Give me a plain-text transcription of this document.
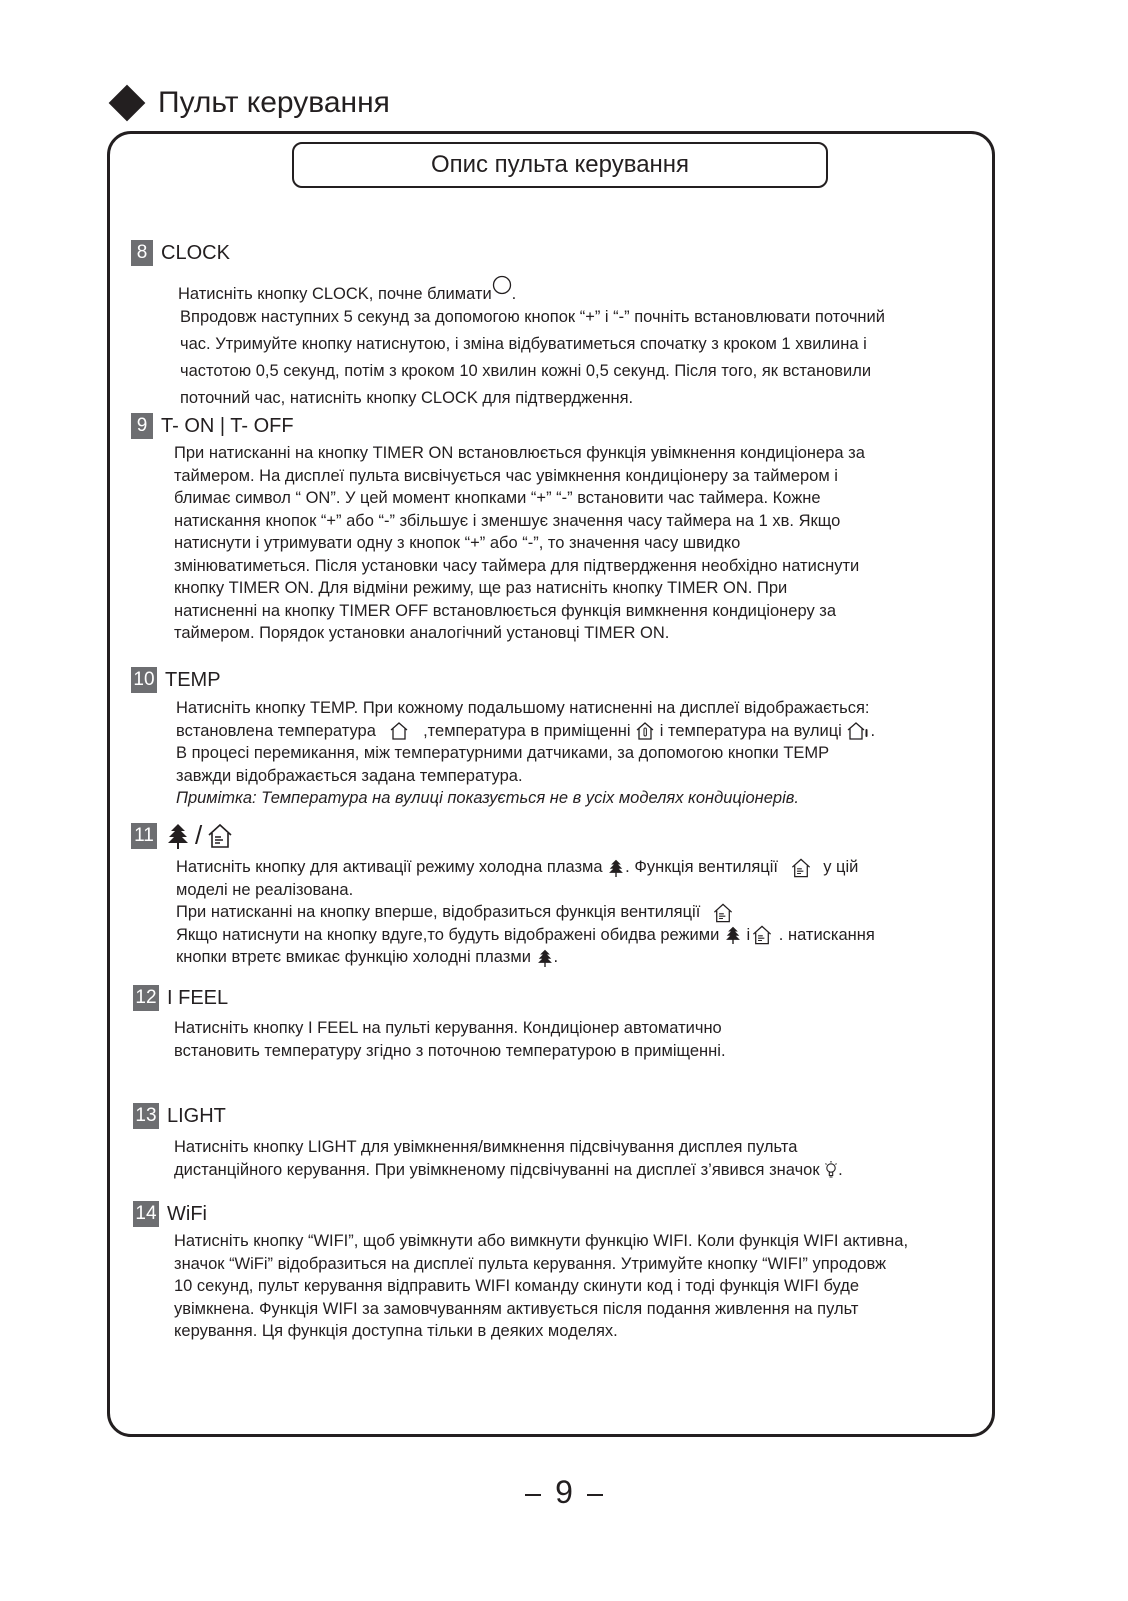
Пульт керування
Опис пульта керування
8 CLOCK
Натисніть кнопку CLOCK, почне блимати .
Впродовж наступних 5 секунд за допомогою кнопок “+” і “-” почніть встановлювати поточний
час. Утримуйте кнопку натиснутою, і зміна відбуватиметься спочатку з кроком 1 хвилина і
частотою 0,5 секунд, потім з кроком 10 хвилин кожні 0,5 секунд. Після того, як встановили
поточний час, натисніть кнопку CLOCK для підтвердження.
9 T- ON | T- OFF
При натисканні на кнопку TIMER ON встановлюється функція увімкнення кондиціонера за
таймером. На дисплеї пульта висвічується час увімкнення кондиціонеру за таймером і
блимає символ “ ON”. У цей момент кнопками “+” “-” встановити час таймера. Кожне
натискання кнопок “+” або “-” збільшує і зменшує значення часу таймера на 1 хв. Якщо
натиснути і утримувати одну з кнопок “+” або “-”, то значення часу швидко
змінюватиметься. Після установки часу таймера для підтвердження необхідно натиснути
кнопку TIMER ON. Для відміни режиму, ще раз натисніть кнопку TIMER ON. При
натисненні на кнопку TIMER OFF встановлюється функція вимкнення кондиціонеру за
таймером. Порядок установки аналогічний установці TIMER ON.
10 TEMP
Натисніть кнопку TEMP. При кожному подальшому натисненні на дисплеї відображається:
встановлена температура	,температура в приміщенні і температура на вулиці .
В процесі перемикання, між температурними датчиками, за допомогою кнопки TEMP
завжди відображається задана температура.
Примітка: Температура на вулиці показується не в усіх моделях кондиціонерів.
11 /
Натисніть кнопку для активації режиму холодна плазма . Функція вентиляції	у цій
моделі не реалізована.
При натисканні на кнопку вперше, відобразиться функція вентиляції
Якщо натиснути на кнопку вдуге,то будуть відображені обидва режими і . натискання
кнопки втретє вмикає функцію холодні плазми .
12 I FEEL
Натисніть кнопку I FEEL на пульті керування. Кондиціонер автоматично
встановить температуру згідно з поточною температурою в приміщенні.
13 LIGHT
Натисніть кнопку LIGHT для увімкнення/вимкнення підсвічування дисплея пульта
дистанційного керування. При увімкненому підсвічуванні на дисплеї з’явився значок .
14 WiFi
Натисніть кнопку “WIFI”, щоб увімкнути або вимкнути функцію WIFI. Коли функція WIFI активна,
значок “WiFi” відобразиться на дисплеї пульта керування. Утримуйте кнопку “WIFI” упродовж
10 секунд, пульт керування відправить WIFI команду скинути код і тоді функція WIFI буде
увімкнена. Функція WIFI за замовчуванням активується після подання живлення на пульт
керування. Ця функція доступна тільки в деяких моделях.
9
